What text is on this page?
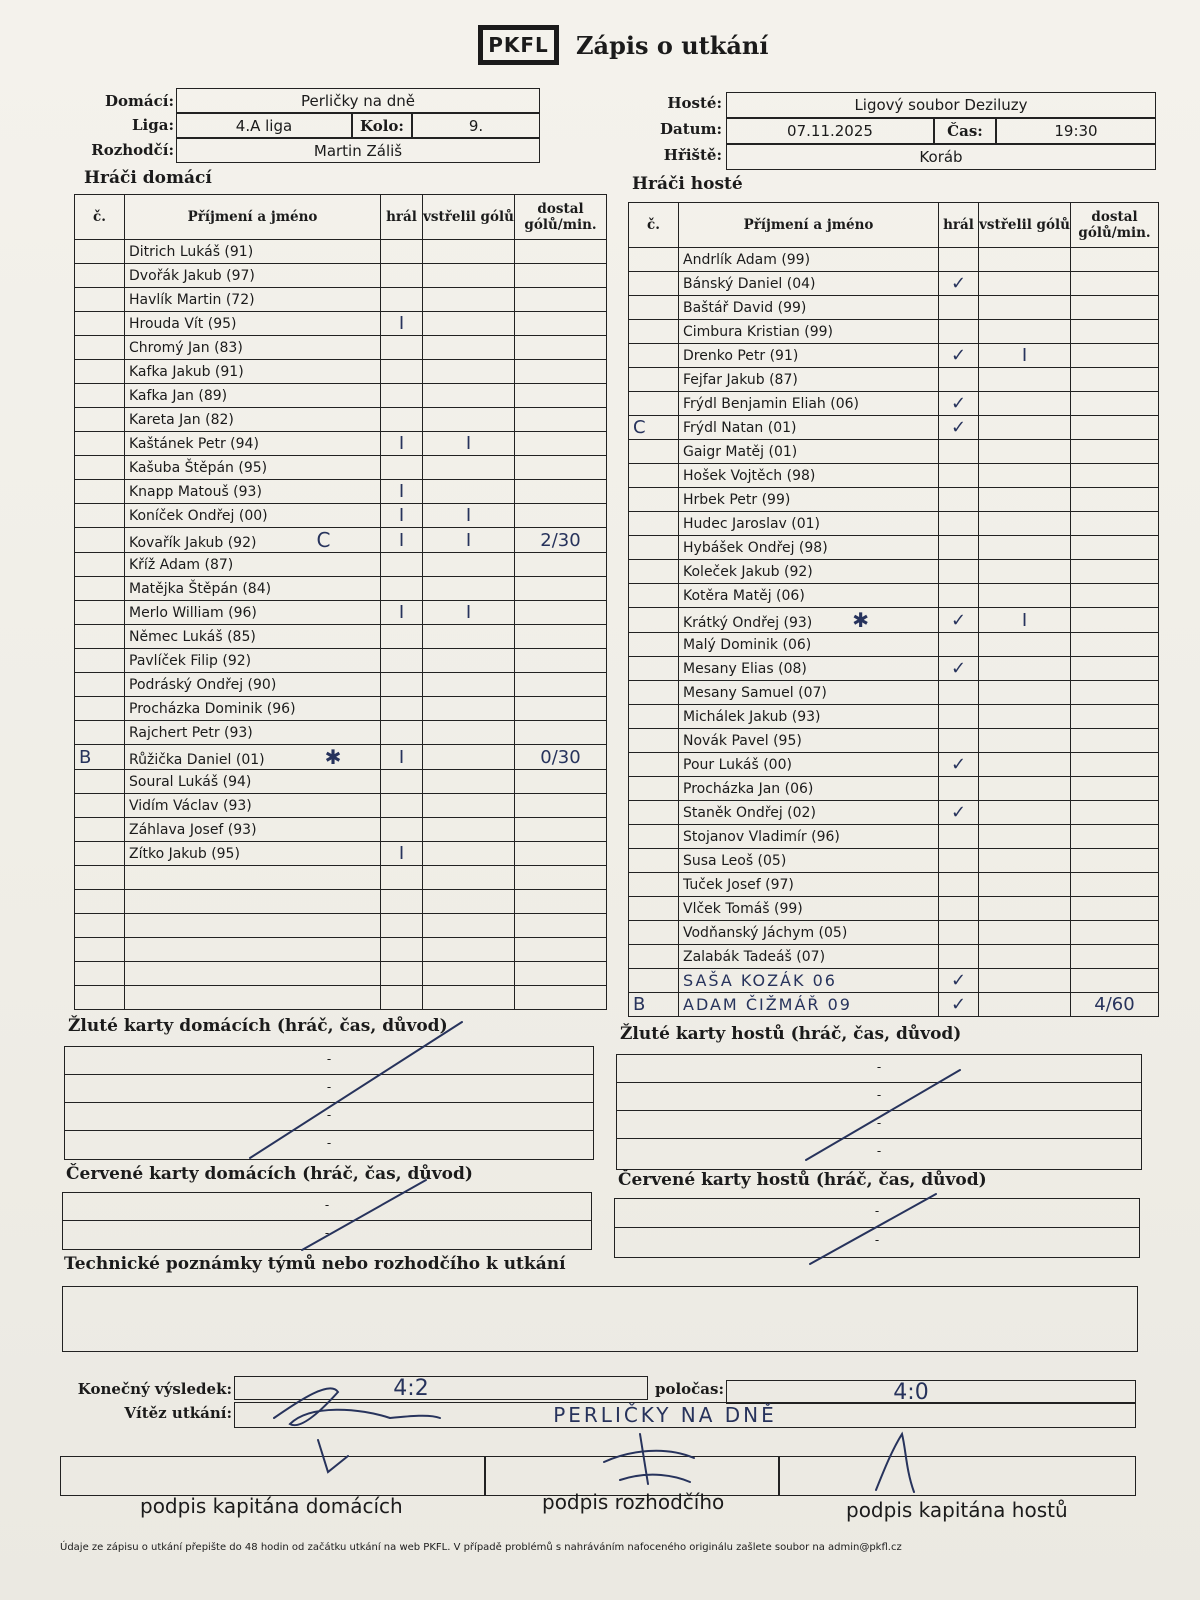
PKFL Zápis o utkání
Domácí:	Perličky na dně
Liga:	4.A liga	Kolo:	9.
Rozhodčí:	Martin Záliš
Hosté:	Ligový soubor Deziluzy
Datum:	07.11.2025	Čas:	19:30
Hřiště:	Koráb
Hráči domácí
č.	Příjmení a jméno	hrál	vstřelil gólů	dostal gólů/min.
	Ditrich Lukáš (91)			
	Dvořák Jakub (97)			
	Havlík Martin (72)			
	Hrouda Vít (95)	I		
	Chromý Jan (83)			
	Kafka Jakub (91)			
	Kafka Jan (89)			
	Kareta Jan (82)			
	Kaštánek Petr (94)	I	I	
	Kašuba Štěpán (95)			
	Knapp Matouš (93)	I		
	Koníček Ondřej (00)	I	I	
	Kovařík Jakub (92) C	I	I	2/30
	Kříž Adam (87)			
	Matějka Štěpán (84)			
	Merlo William (96)	I	I	
	Němec Lukáš (85)			
	Pavlíček Filip (92)			
	Podráský Ondřej (90)			
	Procházka Dominik (96)			
	Rajchert Petr (93)			
B	Růžička Daniel (01) ✱	I		0/30
	Soural Lukáš (94)			
	Vidím Václav (93)			
	Záhlava Josef (93)			
	Zítko Jakub (95)	I		

Hráči hosté
č.	Příjmení a jméno	hrál	vstřelil gólů	dostal gólů/min.
	Andrlík Adam (99)			
	Bánský Daniel (04)	✓		
	Baštář David (99)			
	Cimbura Kristian (99)			
	Drenko Petr (91)	✓	I	
	Fejfar Jakub (87)			
	Frýdl Benjamin Eliah (06)	✓		
C	Frýdl Natan (01)	✓		
	Gaigr Matěj (01)			
	Hošek Vojtěch (98)			
	Hrbek Petr (99)			
	Hudec Jaroslav (01)			
	Hybášek Ondřej (98)			
	Koleček Jakub (92)			
	Kotěra Matěj (06)			
	Krátký Ondřej (93) ✱	✓	I	
	Malý Dominik (06)			
	Mesany Elias (08)	✓		
	Mesany Samuel (07)			
	Michálek Jakub (93)			
	Novák Pavel (95)			
	Pour Lukáš (00)	✓		
	Procházka Jan (06)			
	Staněk Ondřej (02)	✓		
	Stojanov Vladimír (96)			
	Susa Leoš (05)			
	Tuček Josef (97)			
	Vlček Tomáš (99)			
	Vodňanský Jáchym (05)			
	Zalabák Tadeáš (07)			
	SAŠA KOZÁK 06	✓		
B	ADAM ČIŽMÁŘ 09	✓		4/60
Žluté karty domácích (hráč, čas, důvod)
-
-
-
-
Žluté karty hostů (hráč, čas, důvod)
-
-
-
-
Červené karty domácích (hráč, čas, důvod)
-
-
Červené karty hostů (hráč, čas, důvod)
-
-
Technické poznámky týmů nebo rozhodčího k utkání
Konečný výsledek:	4:2	poločas:	4:0
Vítěz utkání:	PERLIČKY NA DNĚ
podpis kapitána domácích	podpis rozhodčího	podpis kapitána hostů
Údaje ze zápisu o utkání přepište do 48 hodin od začátku utkání na web PKFL. V případě problémů s nahráváním nafoceného originálu zašlete soubor na admin@pkfl.cz
